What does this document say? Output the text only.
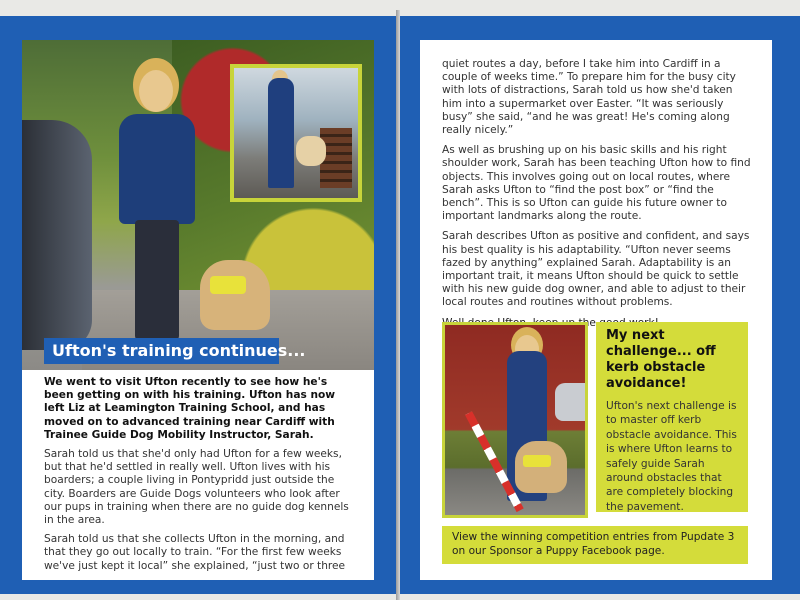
Ufton's training continues...

We went to visit Ufton recently to see how he's been getting on with his training. Ufton has now left Liz at Leamington Training School, and has moved on to advanced training near Cardiff with Trainee Guide Dog Mobility Instructor, Sarah.

Sarah told us that she'd only had Ufton for a few weeks, but that he'd settled in really well. Ufton lives with his boarders; a couple living in Pontypridd just outside the city. Boarders are Guide Dogs volunteers who look after our pups in training when there are no guide dog kennels in the area.

Sarah told us that she collects Ufton in the morning, and that they go out locally to train. “For the first few weeks we've just kept it local” she explained, “just two or three

quiet routes a day, before I take him into Cardiff in a couple of weeks time.” To prepare him for the busy city with lots of distractions, Sarah told us how she'd taken him into a supermarket over Easter. “It was seriously busy” she said, “and he was great! He's coming along really nicely.”

As well as brushing up on his basic skills and his right shoulder work, Sarah has been teaching Ufton how to find objects. This involves going out on local routes, where Sarah asks Ufton to “find the post box” or “find the bench”. This is so Ufton can guide his future owner to important landmarks along the route.

Sarah describes Ufton as positive and confident, and says his best quality is his adaptability. “Ufton never seems fazed by anything” explained Sarah. Adaptability is an important trait, it means Ufton should be quick to settle with his new guide dog owner, and able to adjust to their local routes and routines without problems.

My next challenge... off kerb obstacle avoidance!

Ufton's next challenge is to master off kerb obstacle avoidance. This is where Ufton learns to safely guide Sarah around obstacles that are completely blocking the pavement.

View the winning competition entries from Pupdate 3 on our Sponsor a Puppy Facebook page.
